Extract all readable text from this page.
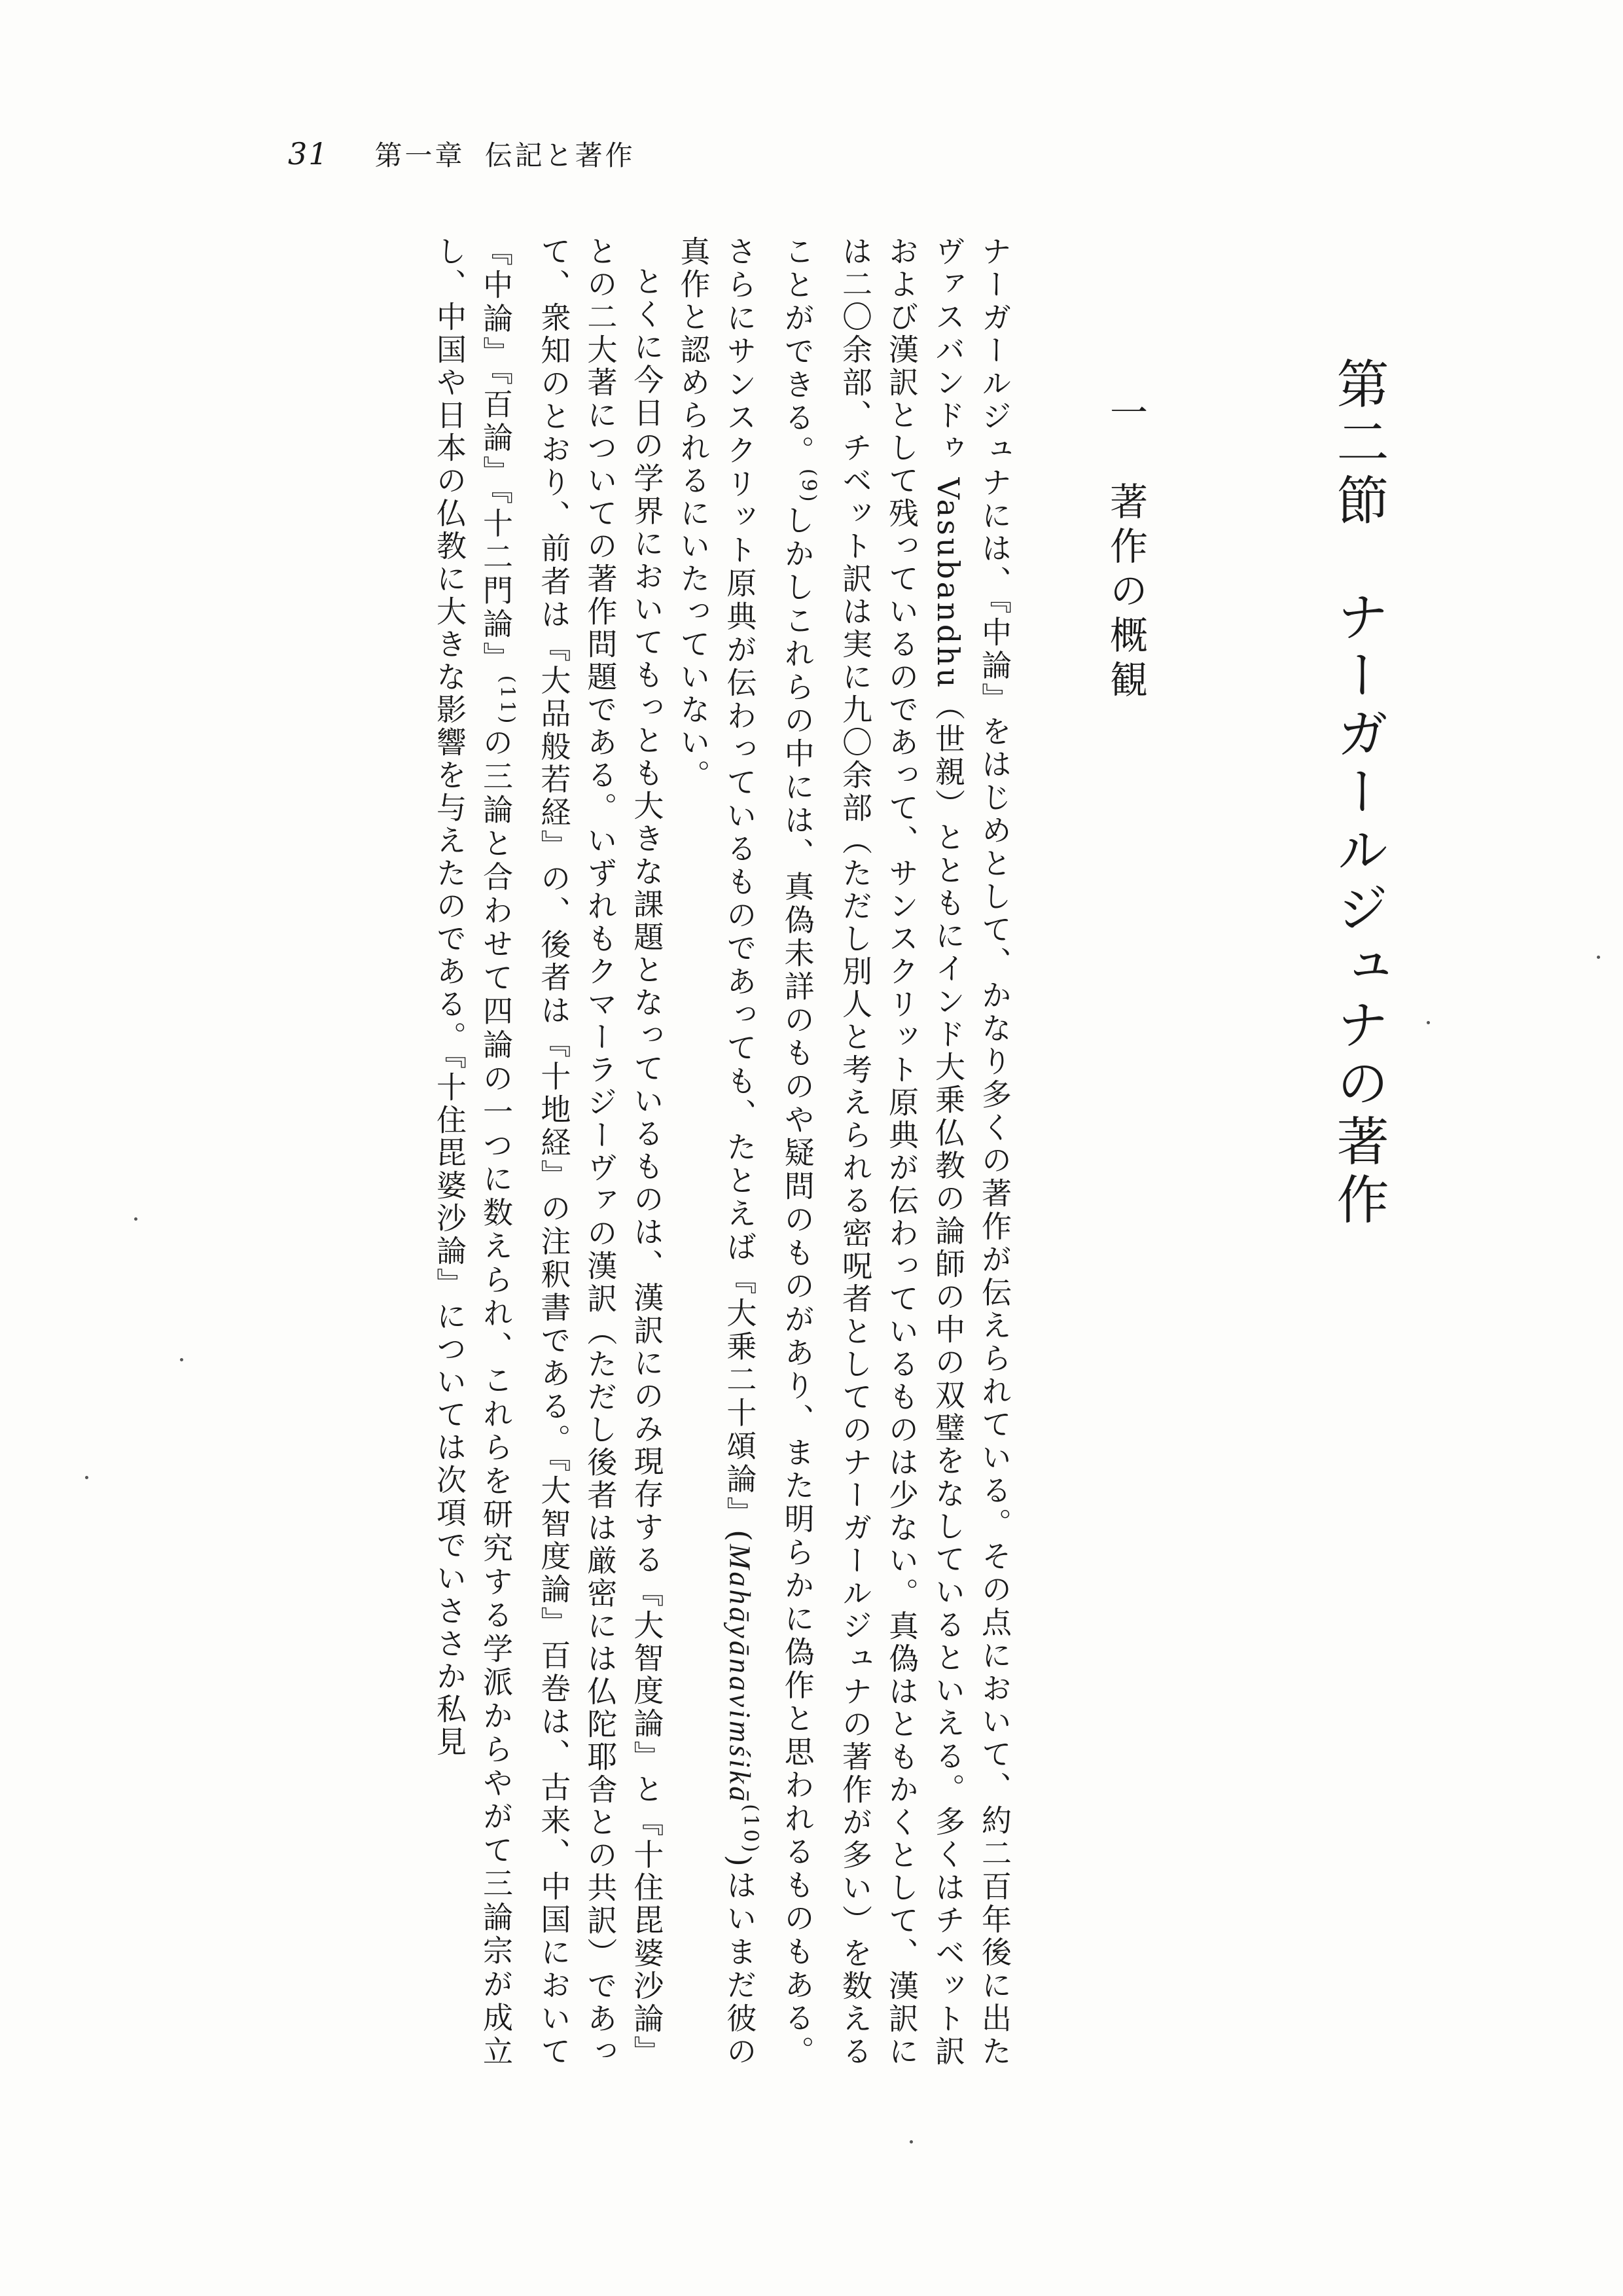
31 第一章 伝記と著作
第二節　ナーガールジュナの著作
一　著作の概観

ナーガールジュナには、『中論』をはじめとして、かなり多くの著作が伝えられている。その点において、約二百年後に出たヴァスバンドゥ Vasubandhu（世親）とともにインド大乗仏教の論師の中の双璧をなしているといえる。多くはチベット訳および漢訳として残っているのであって、サンスクリット原典が伝わっているものは少ない。真偽はともかくとして、漢訳には二〇余部、チベット訳は実に九〇余部（ただし別人と考えられる密呪者としてのナーガールジュナの著作が多い）を数えることができる。$^{(9)}$しかしこれらの中には、真偽未詳のものや疑問のものがあり、また明らかに偽作と思われるものもある。さらにサンスクリット原典が伝わっているものであっても、たとえば『大乗二十頌論』(Mahāyānavimśikā$^{(10)}$)はいまだ彼の真作と認められるにいたっていない。

とくに今日の学界においてもっとも大きな課題となっているものは、漢訳にのみ現存する『大智度論』と『十住毘婆沙論』との二大著についての著作問題である。いずれもクマーラジーヴァの漢訳（ただし後者は厳密には仏陀耶舎との共訳）であって、衆知のとおり、前者は『大品般若経』の、後者は『十地経』の注釈書である。『大智度論』百巻は、古来、中国において『中論』『百論』『十二門論』$^{(11)}$の三論と合わせて四論の一つに数えられ、これらを研究する学派からやがて三論宗が成立し、中国や日本の仏教に大きな影響を与えたのである。『十住毘婆沙論』については次項でいささか私見
